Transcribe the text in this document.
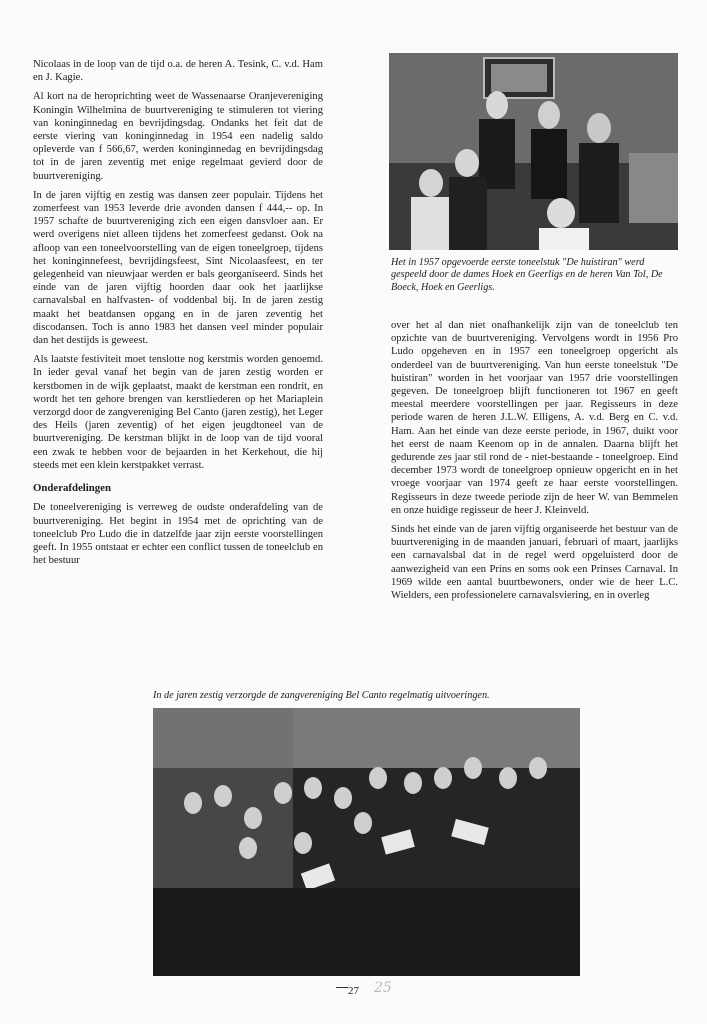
Nicolaas in de loop van de tijd o.a. de heren A. Tesink, C. v.d. Ham en J. Kagie.

Al kort na de heroprichting weet de Wassenaarse Oranjevereniging Koningin Wilhelmina de buurtvereniging te stimuleren tot viering van koninginnedag en bevrijdingsdag. Ondanks het feit dat de eerste viering van koninginnedag in 1954 een nadelig saldo opleverde van f 566,67, werden koninginnedag en bevrijdingsdag tot in de jaren zeventig met enige regelmaat gevierd door de buurtvereniging.

In de jaren vijftig en zestig was dansen zeer populair. Tijdens het zomerfeest van 1953 leverde drie avonden dansen f 444,-- op. In 1957 schafte de buurtvereniging zich een eigen dansvloer aan. Er werd overigens niet alleen tijdens het zomerfeest gedanst. Ook na afloop van een toneelvoorstelling van de eigen toneelgroep, tijdens het koninginnefeest, bevrijdingsfeest, Sint Nicolaasfeest, en ter gelegenheid van nieuwjaar werden er bals georganiseerd. Sinds het einde van de jaren vijftig hoorden daar ook het jaarlijkse carnavalsbal en halfvasten- of voddenbal bij. In de jaren zestig maakt het beatdansen opgang en in de jaren zeventig het discodansen. Toch is anno 1983 het dansen veel minder populair dan het destijds is geweest.

Als laatste festiviteit moet tenslotte nog kerstmis worden genoemd. In ieder geval vanaf het begin van de jaren zestig worden er kerstbomen in de wijk geplaatst, maakt de kerstman een rondrit, en wordt het ten gehore brengen van kerstliederen op het Mariaplein verzorgd door de zangvereniging Bel Canto (jaren zestig), het Leger des Heils (jaren zeventig) of het eigen jeugdtoneel van de buurtvereniging. De kerstman blijkt in de loop van de tijd vooral een zwak te hebben voor de bejaarden in het Kerkehout, die hij steeds met een klein kerstpakket verrast.

Onderafdelingen

De toneelvereniging is verreweg de oudste onderafdeling van de buurtvereniging. Het begint in 1954 met de oprichting van de toneelclub Pro Ludo die in datzelfde jaar zijn eerste voorstellingen geeft. In 1955 ontstaat er echter een conflict tussen de toneelclub en het bestuur

Het in 1957 opgevoerde eerste toneelstuk "De huistiran" werd gespeeld door de dames Hoek en Geerligs en de heren Van Tol, De Boeck, Hoek en Geerligs.

over het al dan niet onafhankelijk zijn van de toneelclub ten opzichte van de buurtvereniging. Vervolgens wordt in 1956 Pro Ludo opgeheven en in 1957 een toneelgroep opgericht als onderdeel van de buurtvereniging. Van hun eerste toneelstuk "De huistiran" worden in het voorjaar van 1957 drie voorstellingen gegeven. De toneelgroep blijft functioneren tot 1967 en geeft meestal meerdere voorstellingen per jaar. Regisseurs in deze periode waren de heren J.L.W. Elligens, A. v.d. Berg en C. v.d. Ham. Aan het einde van deze eerste periode, in 1967, duikt voor het eerst de naam Keenom op in de annalen. Daarna blijft het gedurende zes jaar stil rond de - niet-bestaande - toneelgroep. Eind december 1973 wordt de toneelgroep opnieuw opgericht en in het vroege voorjaar van 1974 geeft ze haar eerste voorstellingen. Regisseurs in deze tweede periode zijn de heer W. van Bemmelen en onze huidige regisseur de heer J. Kleinveld.

Sinds het einde van de jaren vijftig organiseerde het bestuur van de buurtvereniging in de maanden januari, februari of maart, jaarlijks een carnavalsbal dat in de regel werd opgeluisterd door de aanwezigheid van een Prins en soms ook een Prinses Carnaval. In 1969 wilde een aantal buurtbewoners, onder wie de heer L.C. Wielders, een professionelere carnavalsviering, en in overleg

In de jaren zestig verzorgde de zangvereniging Bel Canto regelmatig uitvoeringen.
27 25
